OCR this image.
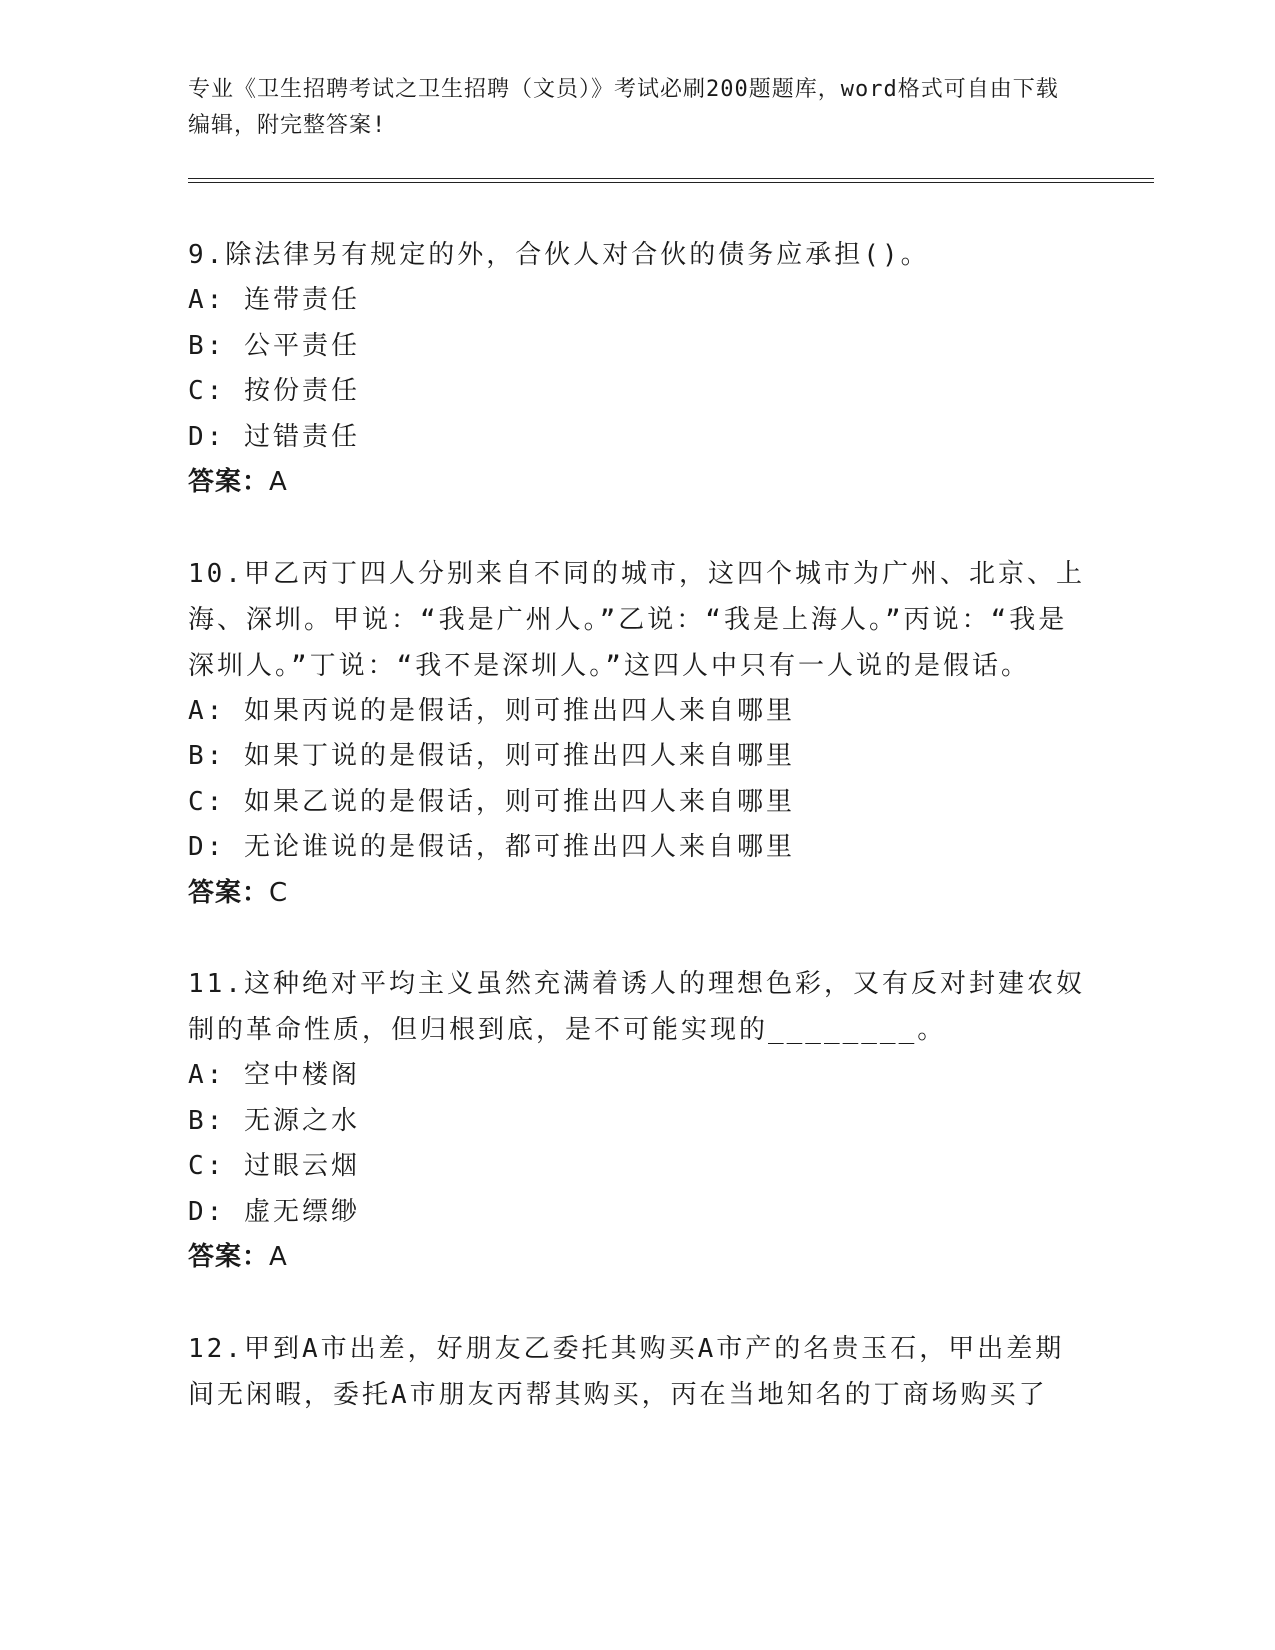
专业《卫生招聘考试之卫生招聘（文员）》考试必刷200题题库，word格式可自由下载编辑，附完整答案!

9.除法律另有规定的外，合伙人对合伙的债务应承担()。

A: 连带责任

B: 公平责任

C: 按份责任

D: 过错责任

答案：A

10.甲乙丙丁四人分别来自不同的城市，这四个城市为广州、北京、上海、深圳。甲说：“我是广州人。”乙说：“我是上海人。”丙说：“我是深圳人。”丁说：“我不是深圳人。”这四人中只有一人说的是假话。

A: 如果丙说的是假话，则可推出四人来自哪里

B: 如果丁说的是假话，则可推出四人来自哪里

C: 如果乙说的是假话，则可推出四人来自哪里

D: 无论谁说的是假话，都可推出四人来自哪里

答案：C

11.这种绝对平均主义虽然充满着诱人的理想色彩，又有反对封建农奴制的革命性质，但归根到底，是不可能实现的________。

A: 空中楼阁

B: 无源之水

C: 过眼云烟

D: 虚无缥缈

答案：A

12.甲到A市出差，好朋友乙委托其购买A市产的名贵玉石，甲出差期间无闲暇，委托A市朋友丙帮其购买，丙在当地知名的丁商场购买了
